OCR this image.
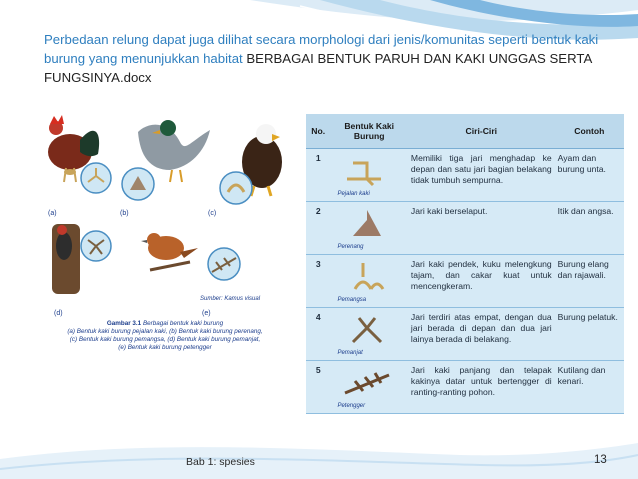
Perbedaan relung dapat juga dilihat secara morphologi dari jenis/komunitas seperti bentuk kaki burung yang menunjukkan habitat BERBAGAI BENTUK PARUH DAN KAKI UNGGAS SERTA FUNGSINYA.docx
(a)	(b)	(c)
(d)	(e)
Sumber: Kamus visual
Gambar 3.1 Berbagai bentuk kaki burung
(a) Bentuk kaki burung pejalan kaki, (b) Bentuk kaki burung perenang,
(c) Bentuk kaki burung pemangsa, (d) Bentuk kaki burung pemanjat,
(e) Bentuk kaki burung petengger
No.	Bentuk Kaki Burung	Ciri-Ciri	Contoh
1	Pejalan kaki	Memiliki tiga jari menghadap ke depan dan satu jari bagian belakang tidak tumbuh sempurna.	Ayam dan burung unta.
2	Perenang	Jari kaki berselaput.	Itik dan angsa.
3	Pemangsa	Jari kaki pendek, kuku melengkung tajam, dan cakar kuat untuk mencengkeram.	Burung elang dan rajawali.
4	Pemanjat	Jari terdiri atas empat, dengan dua jari berada di depan dan dua jari lainya berada di belakang.	Burung pelatuk.
5	Petengger	Jari kaki panjang dan telapak kakinya datar untuk bertengger di ranting-ranting pohon.	Kutilang dan kenari.
Bab 1: spesies	13
